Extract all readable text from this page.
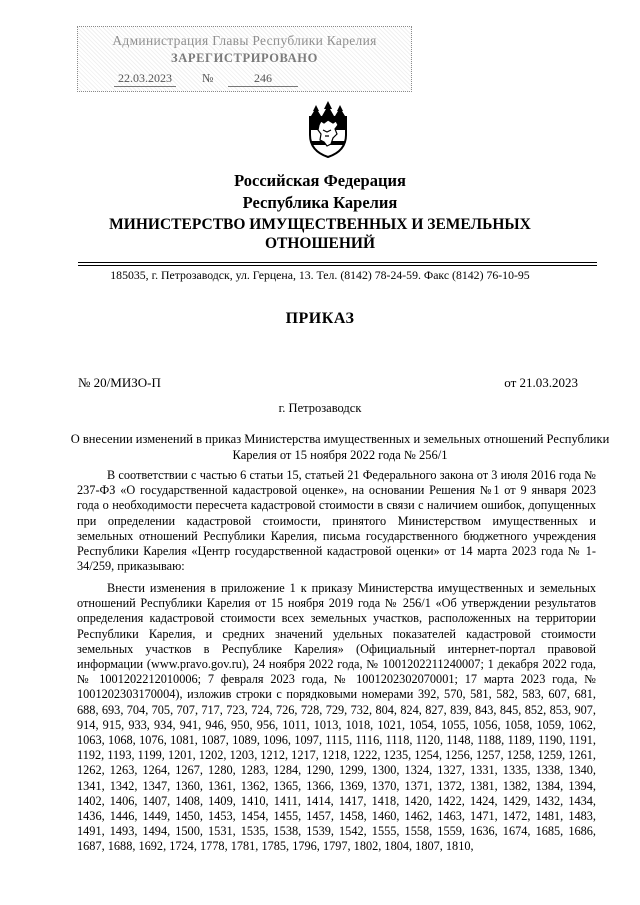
Администрация Главы Республики Карелия
ЗАРЕГИСТРИРОВАНО
22.03.2023	№	246
Российская Федерация
Республика Карелия
МИНИСТЕРСТВО ИМУЩЕСТВЕННЫХ И ЗЕМЕЛЬНЫХ ОТНОШЕНИЙ
185035, г. Петрозаводск, ул. Герцена, 13. Тел. (8142) 78-24-59. Факс (8142) 76-10-95
ПРИКАЗ
№ 20/МИЗО-П	от 21.03.2023
г. Петрозаводск
О внесении изменений в приказ Министерства имущественных и земельных отношений Республики Карелия от 15 ноября 2022 года № 256/1

В соответствии с частью 6 статьи 15, статьей 21 Федерального закона от 3 июля 2016 года № 237-ФЗ «О государственной кадастровой оценке», на основании Решения №1 от 9 января 2023 года о необходимости пересчета кадастровой стоимости в связи с наличием ошибок, допущенных при определении кадастровой стоимости, принятого Министерством имущественных и земельных отношений Республики Карелия, письма государственного бюджетного учреждения Республики Карелия «Центр государственной кадастровой оценки» от 14 марта 2023 года № 1-34/259, приказываю:

Внести изменения в приложение 1 к приказу Министерства имущественных и земельных отношений Республики Карелия от 15 ноября 2019 года № 256/1 «Об утверждении результатов определения кадастровой стоимости всех земельных участков, расположенных на территории Республики Карелия, и средних значений удельных показателей кадастровой стоимости земельных участков в Республике Карелия» (Официальный интернет-портал правовой информации (www.pravo.gov.ru), 24 ноября 2022 года, № 1001202211240007; 1 декабря 2022 года, № 1001202212010006; 7 февраля 2023 года, № 1001202302070001; 17 марта 2023 года, № 1001202303170004), изложив строки с порядковыми номерами 392, 570, 581, 582, 583, 607, 681, 688, 693, 704, 705, 707, 717, 723, 724, 726, 728, 729, 732, 804, 824, 827, 839, 843, 845, 852, 853, 907, 914, 915, 933, 934, 941, 946, 950, 956, 1011, 1013, 1018, 1021, 1054, 1055, 1056, 1058, 1059, 1062, 1063, 1068, 1076, 1081, 1087, 1089, 1096, 1097, 1115, 1116, 1118, 1120, 1148, 1188, 1189, 1190, 1191, 1192, 1193, 1199, 1201, 1202, 1203, 1212, 1217, 1218, 1222, 1235, 1254, 1256, 1257, 1258, 1259, 1261, 1262, 1263, 1264, 1267, 1280, 1283, 1284, 1290, 1299, 1300, 1324, 1327, 1331, 1335, 1338, 1340, 1341, 1342, 1347, 1360, 1361, 1362, 1365, 1366, 1369, 1370, 1371, 1372, 1381, 1382, 1384, 1394, 1402, 1406, 1407, 1408, 1409, 1410, 1411, 1414, 1417, 1418, 1420, 1422, 1424, 1429, 1432, 1434, 1436, 1446, 1449, 1450, 1453, 1454, 1455, 1457, 1458, 1460, 1462, 1463, 1471, 1472, 1481, 1483, 1491, 1493, 1494, 1500, 1531, 1535, 1538, 1539, 1542, 1555, 1558, 1559, 1636, 1674, 1685, 1686, 1687, 1688, 1692, 1724, 1778, 1781, 1785, 1796, 1797, 1802, 1804, 1807, 1810,
